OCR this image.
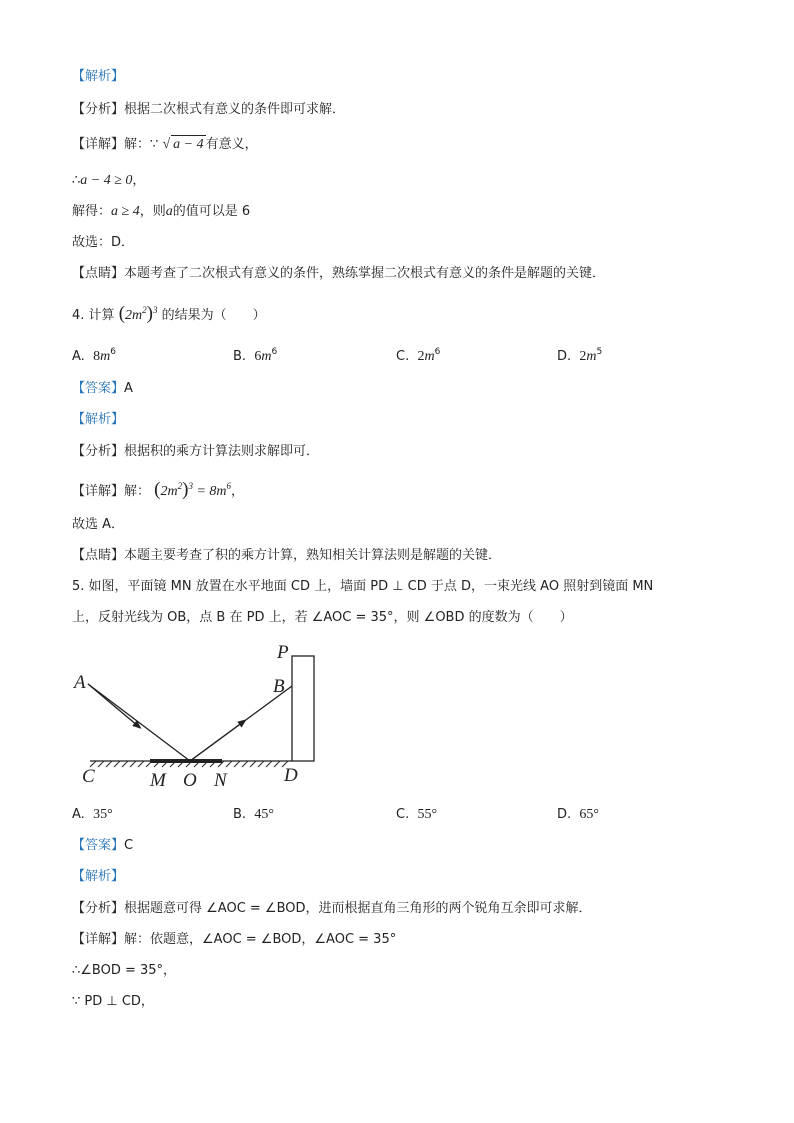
【解析】
【分析】根据二次根式有意义的条件即可求解．
【详解】解：∵ √ a − 4 有意义，
∴a − 4 ≥ 0，
解得：a ≥ 4，则a的值可以是 6
故选：D．
【点睛】本题考查了二次根式有意义的条件，熟练掌握二次根式有意义的条件是解题的关键．
4. 计算 $(2m^2)^3$ 的结果为（　　）
A. $8m^6$	B. $6m^6$	C. $2m^6$	D. $2m^5$
【答案】A
【解析】
【分析】根据积的乘方计算法则求解即可．
【详解】解： $(2m^2)^3 = 8m^6$，
故选 A．
【点睛】本题主要考查了积的乘方计算，熟知相关计算法则是解题的关键．
5. 如图，平面镜 MN 放置在水平地面 CD 上，墙面 PD ⊥ CD 于点 D，一束光线 AO 照射到镜面 MN
上，反射光线为 OB，点 B 在 PD 上，若 ∠AOC = 35°，则 ∠OBD 的度数为（　　）
A	B
P
C	M O N	D
A. 35°	B. 45°	C. 55°	D. 65°
【答案】C
【解析】
【分析】根据题意可得 ∠AOC = ∠BOD，进而根据直角三角形的两个锐角互余即可求解．
【详解】解：依题意，∠AOC = ∠BOD，∠AOC = 35°
∴∠BOD = 35°，
∵ PD ⊥ CD，
